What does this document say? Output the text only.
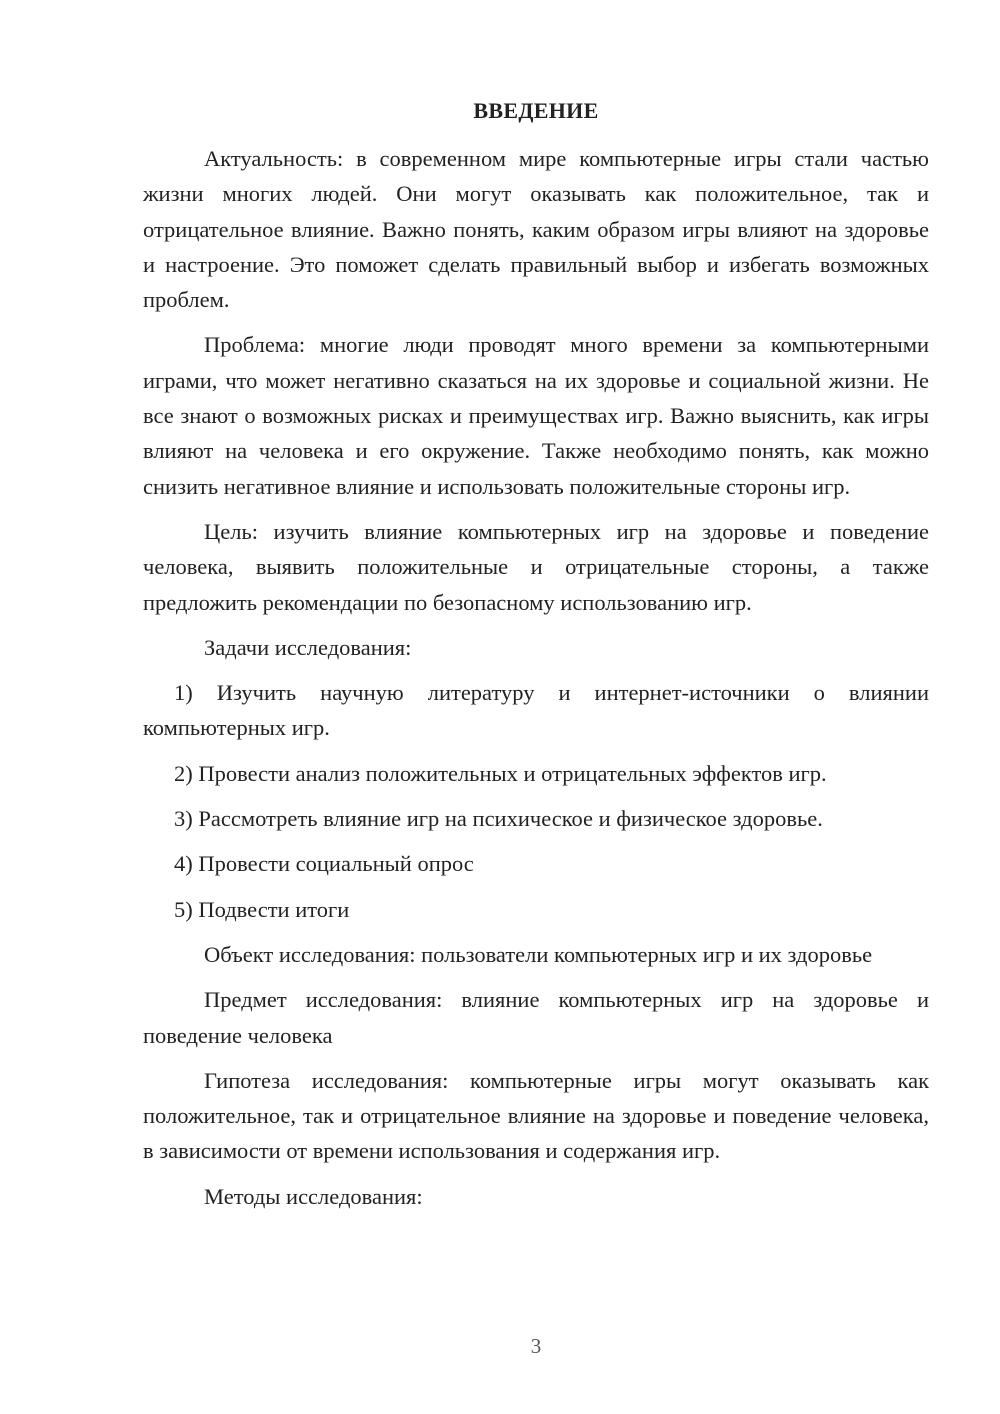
ВВЕДЕНИЕ

Актуальность: в современном мире компьютерные игры стали частью жизни многих людей. Они могут оказывать как положительное, так и отрицательное влияние. Важно понять, каким образом игры влияют на здоровье и настроение. Это поможет сделать правильный выбор и избегать возможных проблем.

Проблема: многие люди проводят много времени за компьютерными играми, что может негативно сказаться на их здоровье и социальной жизни. Не все знают о возможных рисках и преимуществах игр. Важно выяснить, как игры влияют на человека и его окружение. Также необходимо понять, как можно снизить негативное влияние и использовать положительные стороны игр.

Цель: изучить влияние компьютерных игр на здоровье и поведение человека, выявить положительные и отрицательные стороны, а также предложить рекомендации по безопасному использованию игр.

Задачи исследования:

1) Изучить научную литературу и интернет-источники о влиянии компьютерных игр.

2) Провести анализ положительных и отрицательных эффектов игр.

3) Рассмотреть влияние игр на психическое и физическое здоровье.

4) Провести социальный опрос

5) Подвести итоги

Объект исследования: пользователи компьютерных игр и их здоровье

Предмет исследования: влияние компьютерных игр на здоровье и поведение человека

Гипотеза исследования: компьютерные игры могут оказывать как положительное, так и отрицательное влияние на здоровье и поведение человека, в зависимости от времени использования и содержания игр.

Методы исследования:

3
